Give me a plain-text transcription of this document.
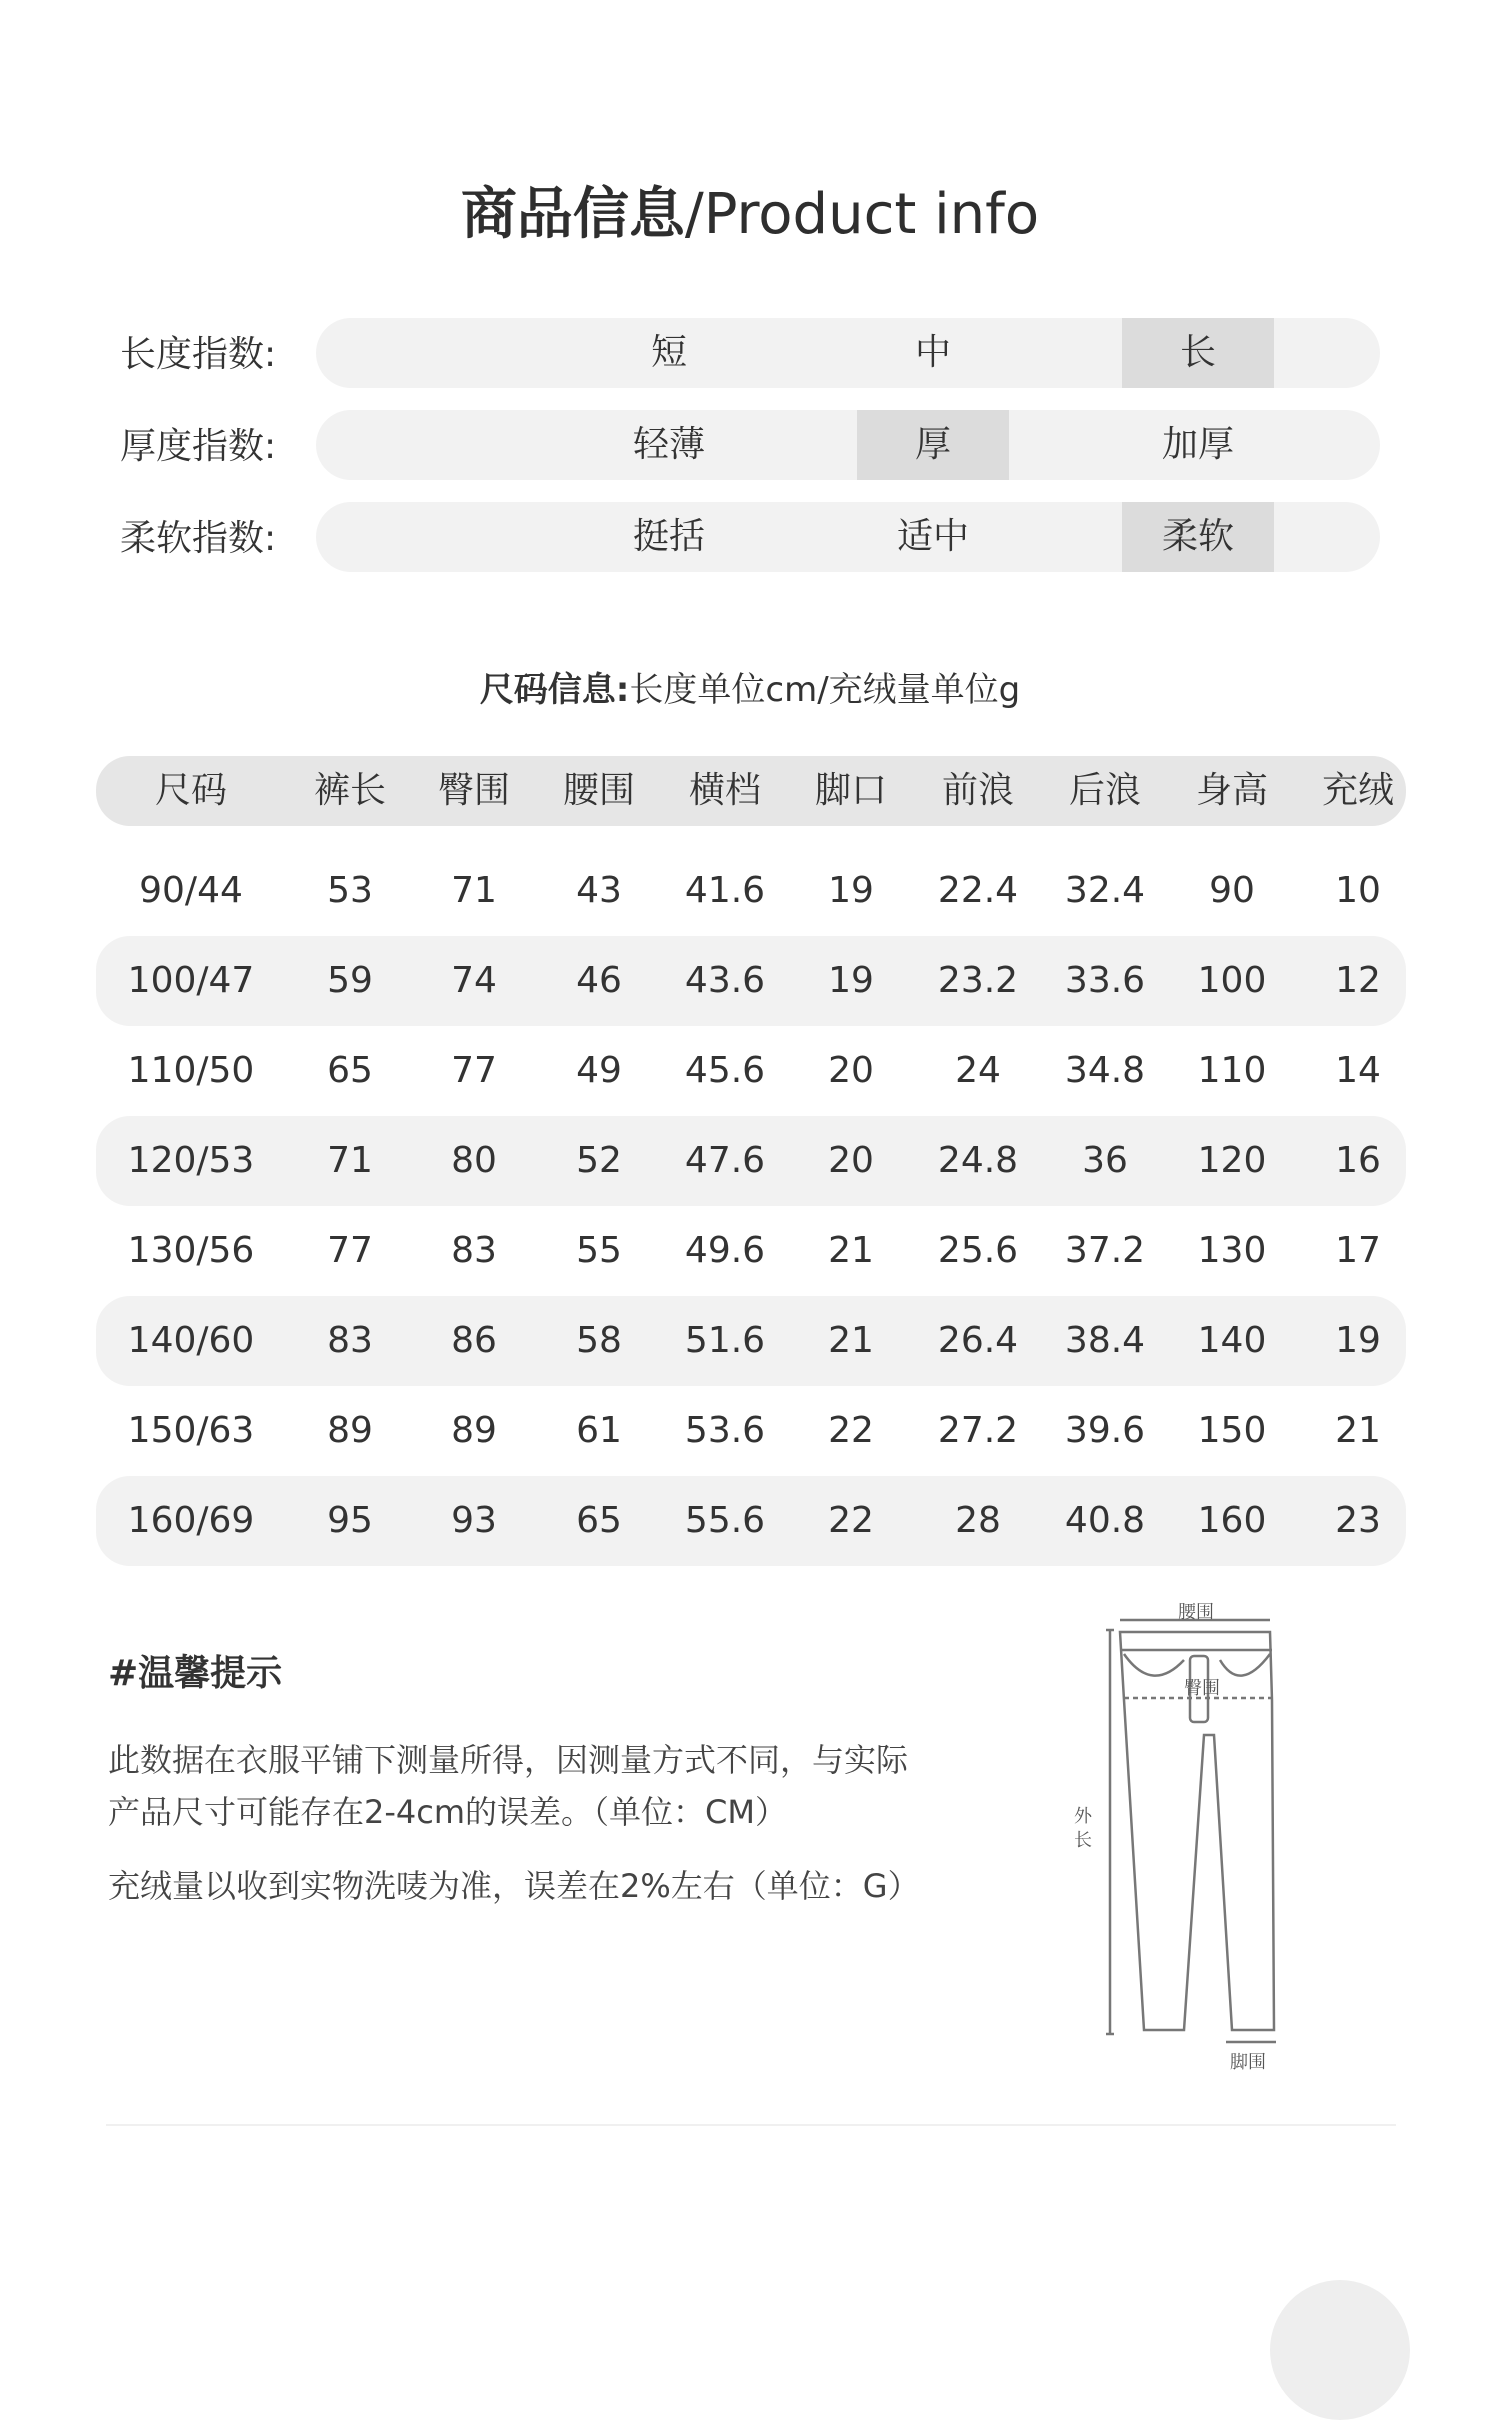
商品信息/Product info
长度指数:	短	中	长
厚度指数:	轻薄	厚	加厚
柔软指数:	挺括	适中	柔软
尺码信息:长度单位cm/充绒量单位g
尺码 裤长 臀围 腰围 横档 脚口 前浪 后浪 身高 充绒
90/44 53 71 43 41.6 19 22.4 32.4 90 10
100/47 59 74 46 43.6 19 23.2 33.6 100 12
110/50 65 77 49 45.6 20 24 34.8 110 14
120/53 71 80 52 47.6 20 24.8 36 120 16
130/56 77 83 55 49.6 21 25.6 37.2 130 17
140/60 83 86 58 51.6 21 26.4 38.4 140 19
150/63 89 89 61 53.6 22 27.2 39.6 150 21
160/69 95 93 65 55.6 22 28 40.8 160 23
#温馨提示
此数据在衣服平铺下测量所得，因测量方式不同，与实际
产品尺寸可能存在2-4cm的误差。（单位：CM）
充绒量以收到实物洗唛为准，误差在2%左右（单位：G）
腰围
臀围
外
长
脚围
